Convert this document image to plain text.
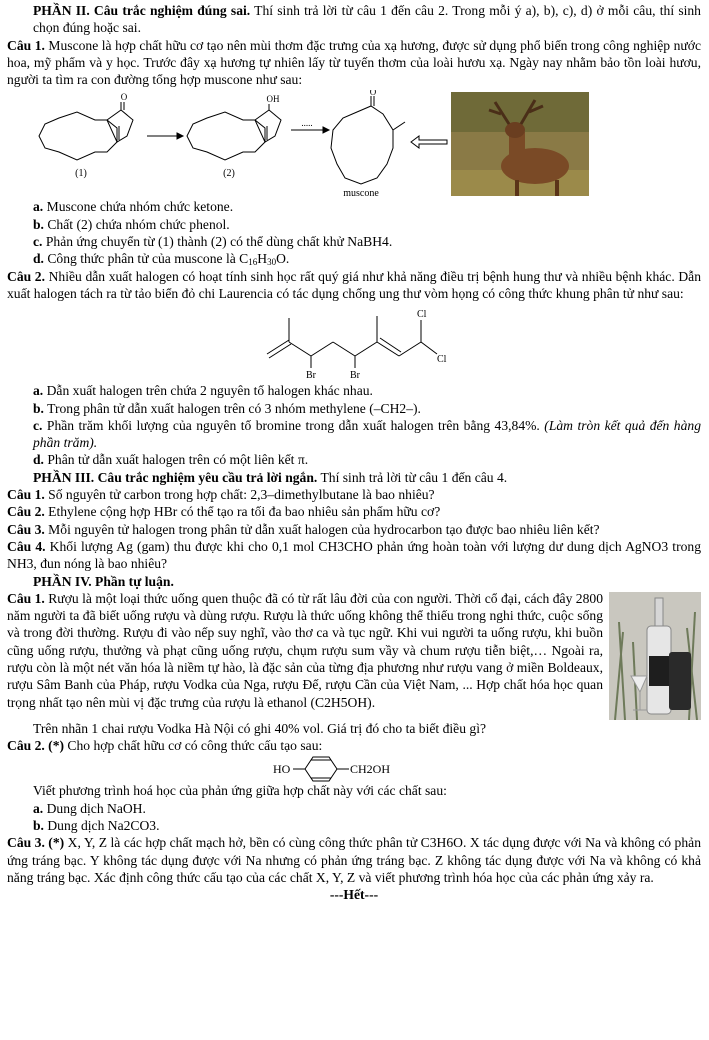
PHẦN II. Câu trắc nghiệm đúng sai. Thí sinh trả lời từ câu 1 đến câu 2. Trong mỗi ý a), b), c), d) ở mỗi câu, thí sinh chọn đúng hoặc sai.

Câu 1. Muscone là hợp chất hữu cơ tạo nên mùi thơm đặc trưng của xạ hương, được sử dụng phổ biến trong công nghiệp nước hoa, mỹ phẩm và y học. Trước đây xạ hương tự nhiên lấy từ tuyến thơm của loài hươu xạ. Ngày nay nhằm bảo tồn loài hươu, người ta tìm ra con đường tổng hợp muscone như sau:

O	OH
O
.....
(1)	(2)
muscone

a. Muscone chứa nhóm chức ketone.

b. Chất (2) chứa nhóm chức phenol.

c. Phản ứng chuyển từ (1) thành (2) có thể dùng chất khử NaBH4.

d. Công thức phân tử của muscone là $C_{16}H_{30}O$.

Câu 2. Nhiều dẫn xuất halogen có hoạt tính sinh học rất quý giá như khả năng điều trị bệnh hung thư và nhiều bệnh khác. Dẫn xuất halogen tách ra từ tảo biển đỏ chi Laurencia có tác dụng chống ung thư vòm họng có công thức khung phân tử như sau:

Cl
Cl
Br	Br

a. Dẫn xuất halogen trên chứa 2 nguyên tố halogen khác nhau.

b. Trong phân tử dẫn xuất halogen trên có 3 nhóm methylene (–CH2–).

c. Phần trăm khối lượng của nguyên tố bromine trong dẫn xuất halogen trên bằng 43,84%. (Làm tròn kết quả đến hàng phần trăm).

d. Phân tử dẫn xuất halogen trên có một liên kết π.

PHẦN III. Câu trắc nghiệm yêu cầu trả lời ngắn. Thí sinh trả lời từ câu 1 đến câu 4.

Câu 1. Số nguyên tử carbon trong hợp chất: 2,3–dimethylbutane là bao nhiêu?

Câu 2. Ethylene cộng hợp HBr có thể tạo ra tối đa bao nhiêu sản phẩm hữu cơ?

Câu 3. Mỗi nguyên tử halogen trong phân tử dẫn xuất halogen của hydrocarbon tạo được bao nhiêu liên kết?

Câu 4. Khối lượng Ag (gam) thu được khi cho 0,1 mol CH3CHO phản ứng hoàn toàn với lượng dư dung dịch AgNO3 trong NH3, đun nóng là bao nhiêu?

PHẦN IV. Phần tự luận.

Câu 1. Rượu là một loại thức uống quen thuộc đã có từ rất lâu đời của con người. Thời cổ đại, cách đây 2800 năm người ta đã biết uống rượu và dùng rượu. Rượu là thức uống không thể thiếu trong nghi thức, cuộc sống và trong đời thường. Rượu đi vào nếp suy nghĩ, vào thơ ca và tục ngữ. Khi vui người ta uống rượu, khi buồn cũng uống rượu, thưởng và phạt cũng uống rượu, chụm rượu sum vầy và chum rượu tiễn biệt,… Ngoài ra, rượu còn là một nét văn hóa là niềm tự hào, là đặc sản của từng địa phương như rượu vang ở miền Boldeaux, rượu Sâm Banh của Pháp, rượu Vodka của Nga, rượu Đế, rượu Cần của Việt Nam, ... Hợp chất hóa học quan trọng nhất tạo nên mùi vị đặc trưng của rượu là ethanol (C2H5OH).

Trên nhãn 1 chai rượu Vodka Hà Nội có ghi 40% vol. Giá trị đó cho ta biết điều gì?

Câu 2. (*) Cho hợp chất hữu cơ có công thức cấu tạo sau:

HO	CH2OH

Viết phương trình hoá học của phản ứng giữa hợp chất này với các chất sau:

a. Dung dịch NaOH.

b. Dung dịch Na2CO3.

Câu 3. (*) X, Y, Z là các hợp chất mạch hở, bền có cùng công thức phân tử C3H6O. X tác dụng được với Na và không có phản ứng tráng bạc. Y không tác dụng được với Na nhưng có phản ứng tráng bạc. Z không tác dụng được với Na và không có khả năng tráng bạc. Xác định công thức cấu tạo của các chất X, Y, Z và viết phương trình hóa học của các phản ứng xảy ra.

---Hết---
